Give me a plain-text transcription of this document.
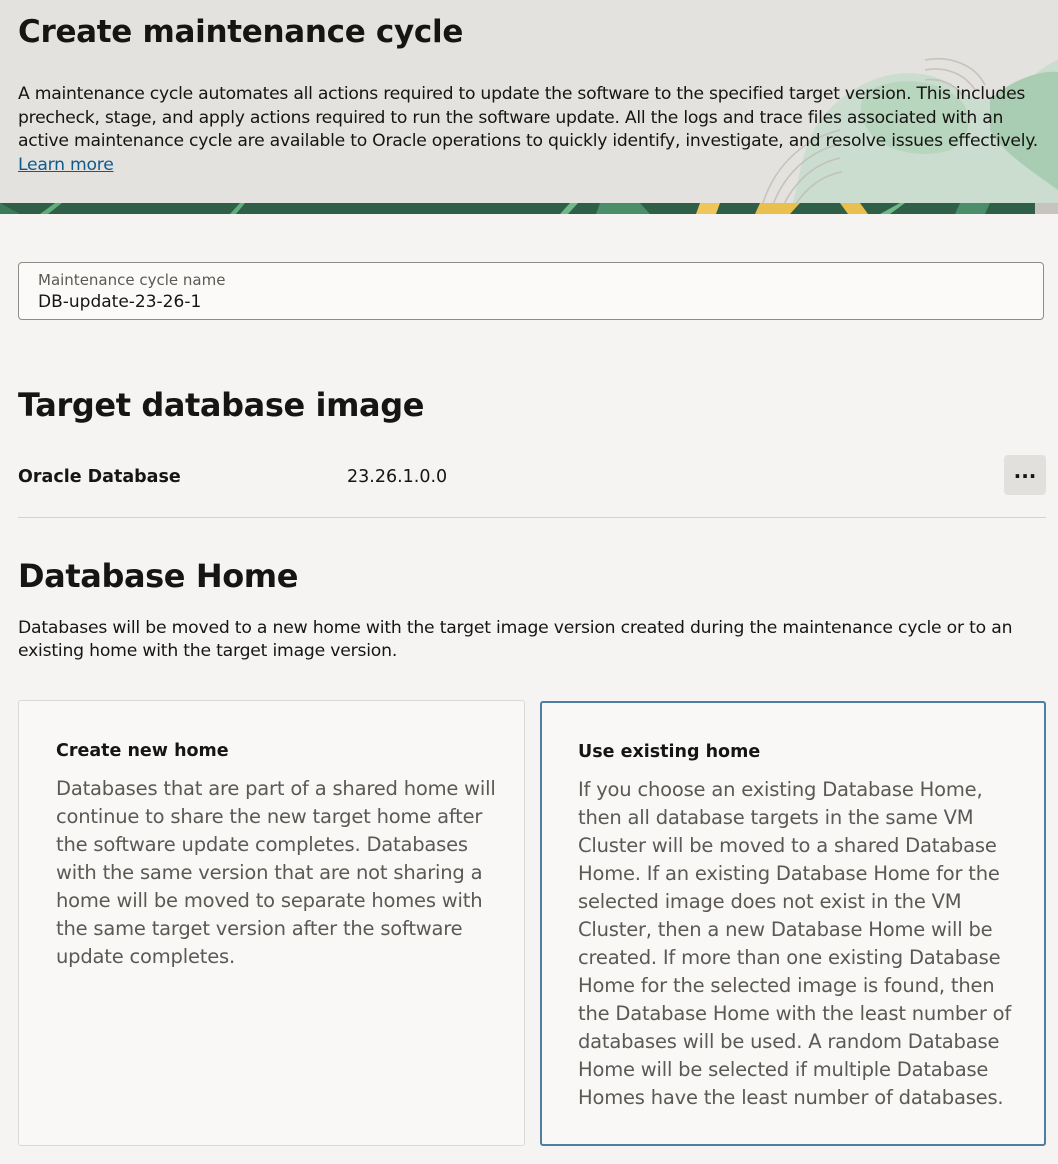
Create maintenance cycle

A maintenance cycle automates all actions required to update the software to the specified target version. This includes precheck, stage, and apply actions required to run the software update. All the logs and trace files associated with an active maintenance cycle are available to Oracle operations to quickly identify, investigate, and resolve issues effectively.
Learn more

Maintenance cycle name
DB-update-23-26-1
Target database image
Oracle Database	23.26.1.0.0	...
Database Home

Databases will be moved to a new home with the target image version created during the maintenance cycle or to an existing home with the target image version.

Create new home

Databases that are part of a shared home will continue to share the new target home after the software update completes. Databases with the same version that are not sharing a home will be moved to separate homes with the same target version after the software update completes.

Use existing home

If you choose an existing Database Home, then all database targets in the same VM Cluster will be moved to a shared Database Home. If an existing Database Home for the selected image does not exist in the VM Cluster, then a new Database Home will be created. If more than one existing Database Home for the selected image is found, then the Database Home with the least number of databases will be used. A random Database Home will be selected if multiple Database Homes have the least number of databases.
